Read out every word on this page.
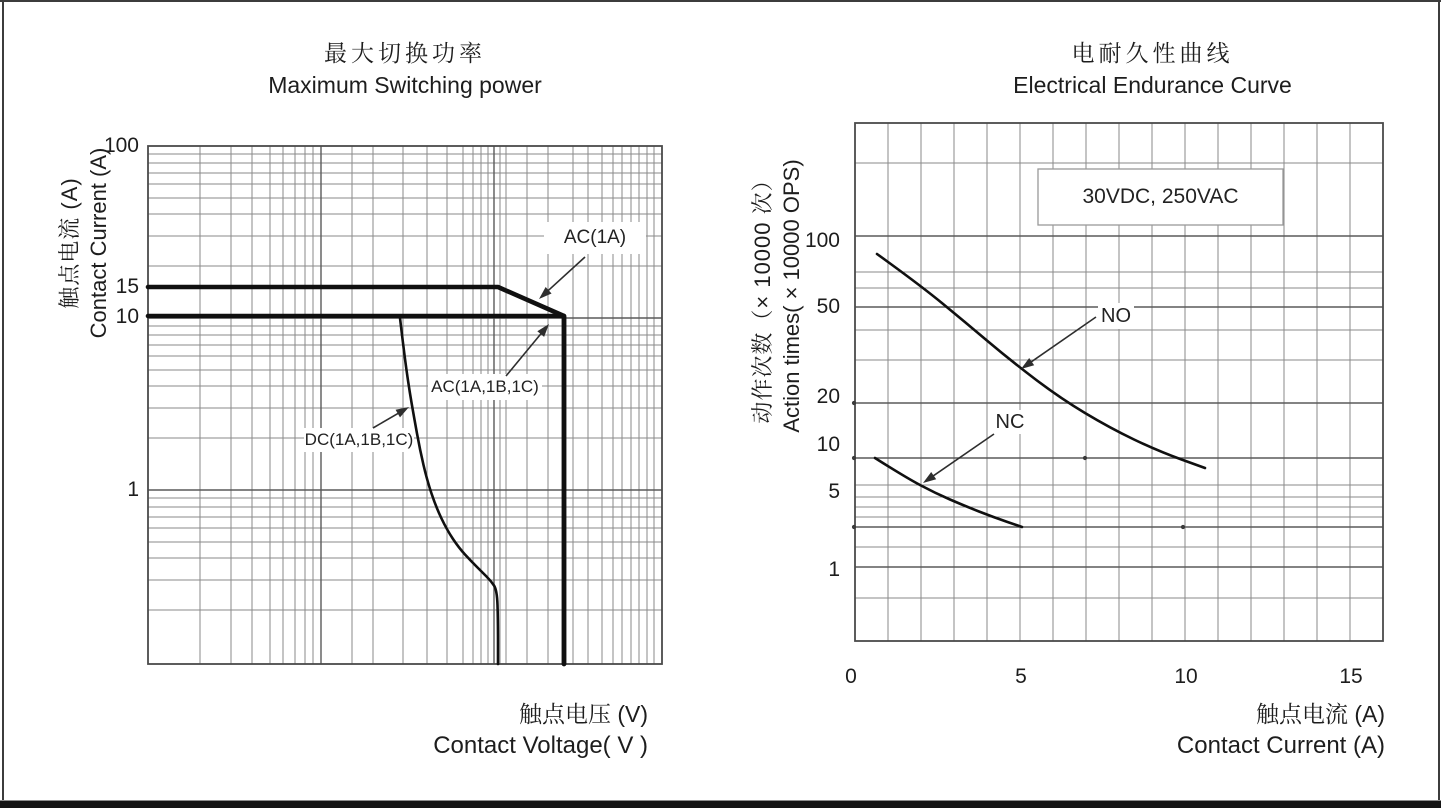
AC(1A)
AC(1A,1B,1C)
DC(1A,1B,1C)
100
15
10
1
30VDC, 250VAC
NO
NC
100
50
20
10
5
1
0	5	10	15
最大切换功率
Maximum Switching power
电耐久性曲线
Electrical Endurance Curve
触点电流 (A) Contact Current (A)	动作次数（× 10000 次） Action times( × 10000 OPS)
触点电压 (V)
Contact Voltage( V )
触点电流 (A)
Contact Current (A)
